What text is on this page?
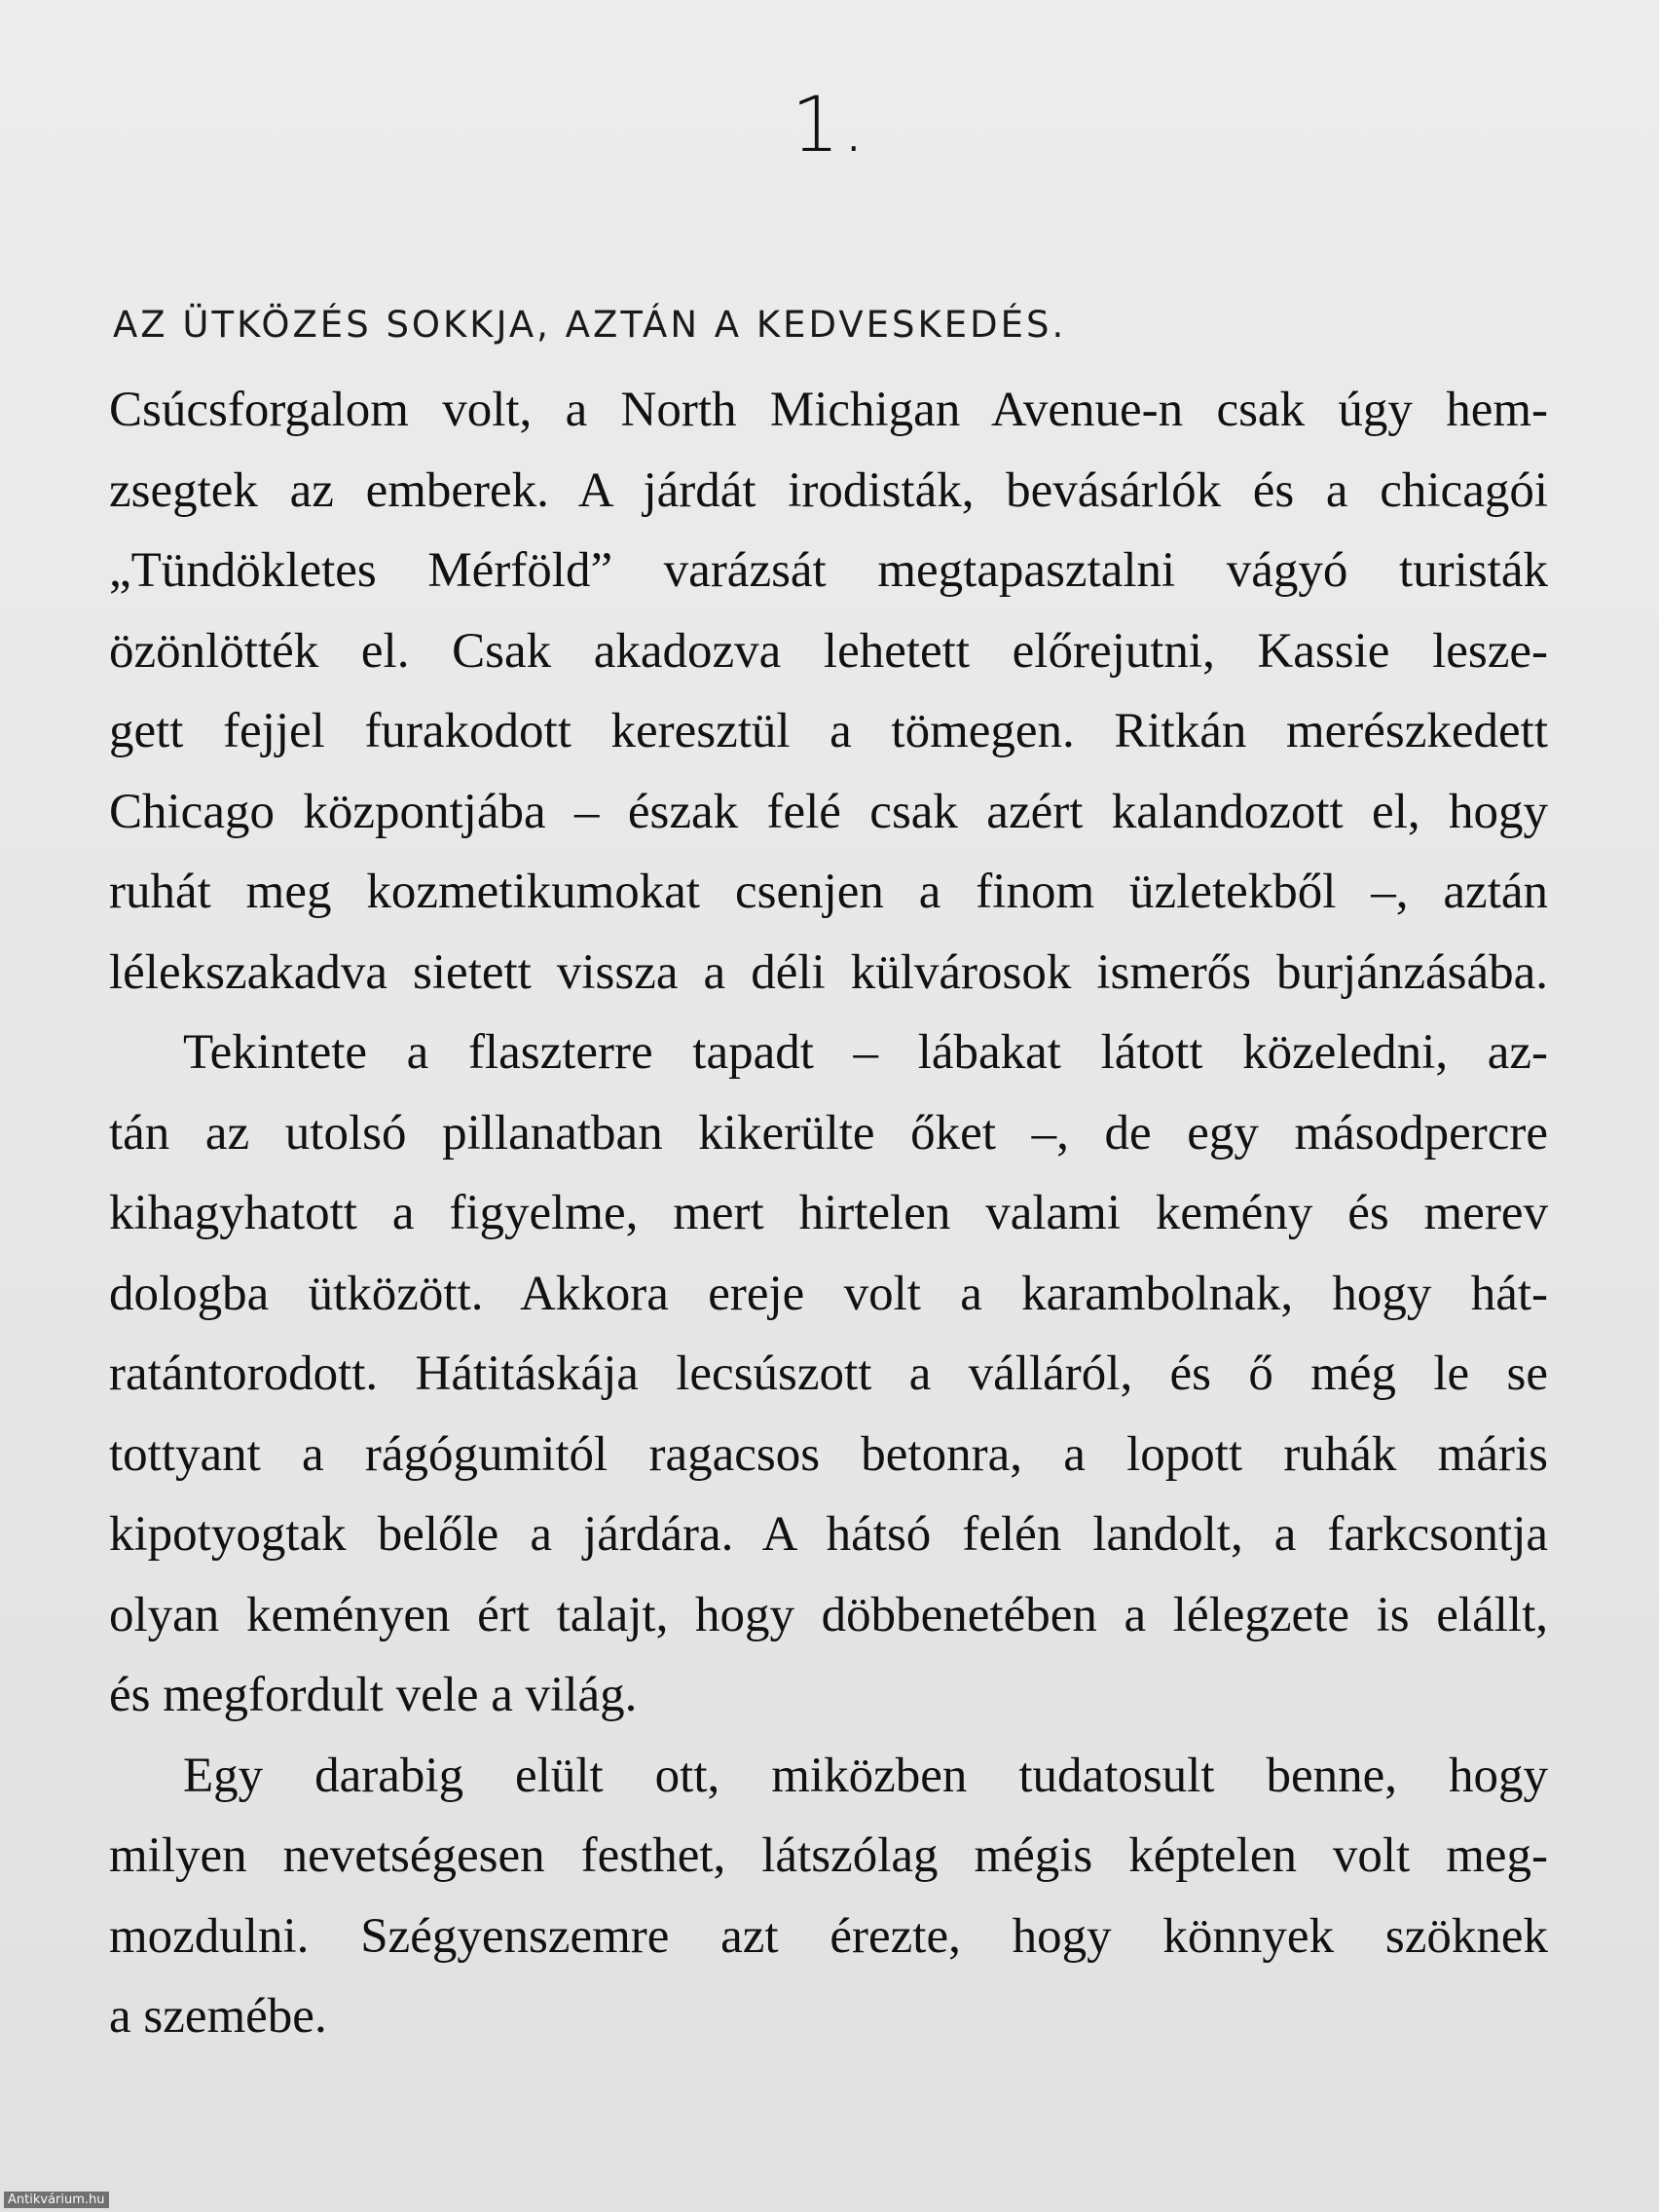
1.
AZ ÜTKÖZÉS SOKKJA, AZTÁN A KEDVESKEDÉS.
Csúcsforgalom volt, a North Michigan Avenue-n csak úgy hem-
zsegtek az emberek. A járdát irodisták, bevásárlók és a chicagói
„Tündökletes Mérföld” varázsát megtapasztalni vágyó turisták
özönlötték el. Csak akadozva lehetett előrejutni, Kassie lesze-
gett fejjel furakodott keresztül a tömegen. Ritkán merészkedett
Chicago központjába – észak felé csak azért kalandozott el, hogy
ruhát meg kozmetikumokat csenjen a finom üzletekből –, aztán
lélekszakadva sietett vissza a déli külvárosok ismerős burjánzásába.
Tekintete a flaszterre tapadt – lábakat látott közeledni, az-
tán az utolsó pillanatban kikerülte őket –, de egy másodpercre
kihagyhatott a figyelme, mert hirtelen valami kemény és merev
dologba ütközött. Akkora ereje volt a karambolnak, hogy hát-
ratántorodott. Hátitáskája lecsúszott a válláról, és ő még le se
tottyant a rágógumitól ragacsos betonra, a lopott ruhák máris
kipotyogtak belőle a járdára. A hátsó felén landolt, a farkcsontja
olyan keményen ért talajt, hogy döbbenetében a lélegzete is elállt,
és megfordult vele a világ.
Egy darabig elült ott, miközben tudatosult benne, hogy
milyen nevetségesen festhet, látszólag mégis képtelen volt meg-
mozdulni. Szégyenszemre azt érezte, hogy könnyek szöknek
a szemébe.
Antikvárium.hu
